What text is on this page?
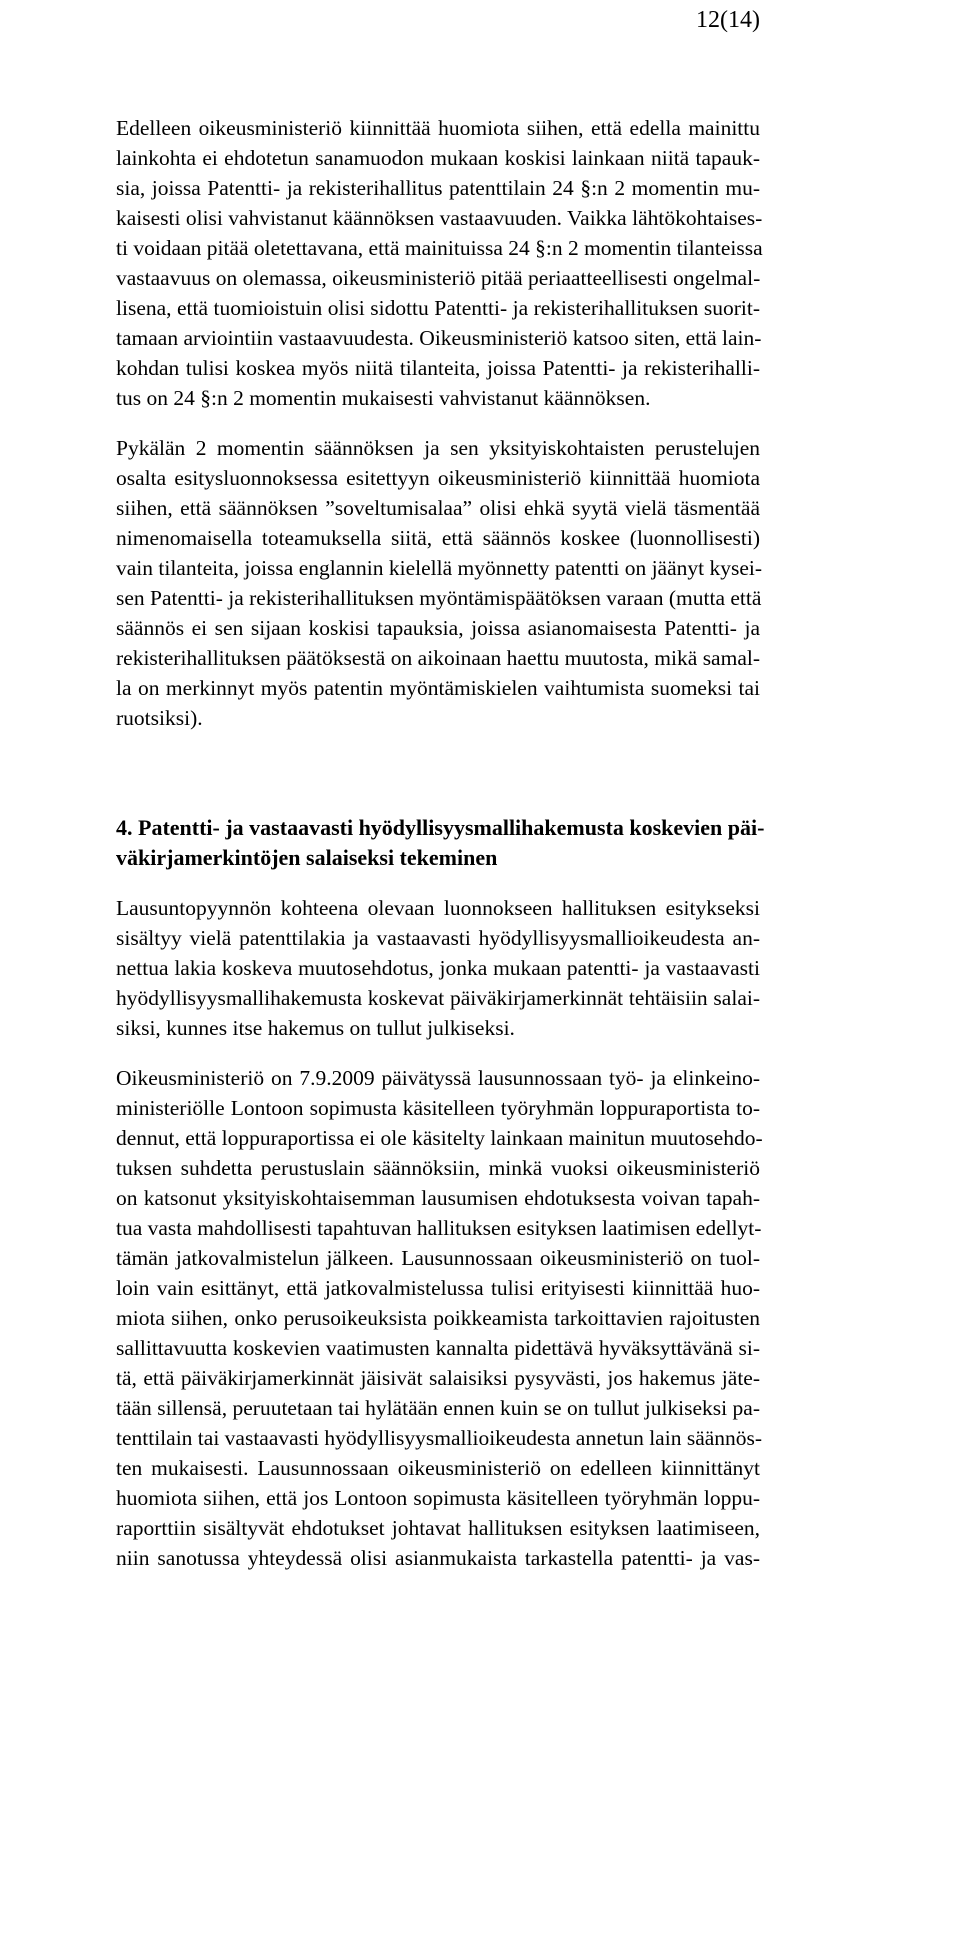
12(14)
Edelleen oikeusministeriö kiinnittää huomiota siihen, että edella mainittu
lainkohta ei ehdotetun sanamuodon mukaan koskisi lainkaan niitä tapauk-
sia, joissa Patentti- ja rekisterihallitus patenttilain 24 §:n 2 momentin mu-
kaisesti olisi vahvistanut käännöksen vastaavuuden. Vaikka lähtökohtaises-
ti voidaan pitää oletettavana, että mainituissa 24 §:n 2 momentin tilanteissa
vastaavuus on olemassa, oikeusministeriö pitää periaatteellisesti ongelmal-
lisena, että tuomioistuin olisi sidottu Patentti- ja rekisterihallituksen suorit-
tamaan arviointiin vastaavuudesta. Oikeusministeriö katsoo siten, että lain-
kohdan tulisi koskea myös niitä tilanteita, joissa Patentti- ja rekisterihalli-
tus on 24 §:n 2 momentin mukaisesti vahvistanut käännöksen.
Pykälän 2 momentin säännöksen ja sen yksityiskohtaisten perustelujen
osalta esitysluonnoksessa esitettyyn oikeusministeriö kiinnittää huomiota
siihen, että säännöksen ”soveltumisalaa” olisi ehkä syytä vielä täsmentää
nimenomaisella toteamuksella siitä, että säännös koskee (luonnollisesti)
vain tilanteita, joissa englannin kielellä myönnetty patentti on jäänyt kysei-
sen Patentti- ja rekisterihallituksen myöntämispäätöksen varaan (mutta että
säännös ei sen sijaan koskisi tapauksia, joissa asianomaisesta Patentti- ja
rekisterihallituksen päätöksestä on aikoinaan haettu muutosta, mikä samal-
la on merkinnyt myös patentin myöntämiskielen vaihtumista suomeksi tai
ruotsiksi).
4. Patentti- ja vastaavasti hyödyllisyysmallihakemusta koskevien päi-
väkirjamerkintöjen salaiseksi tekeminen
Lausuntopyynnön kohteena olevaan luonnokseen hallituksen esitykseksi
sisältyy vielä patenttilakia ja vastaavasti hyödyllisyysmallioikeudesta an-
nettua lakia koskeva muutosehdotus, jonka mukaan patentti- ja vastaavasti
hyödyllisyysmallihakemusta koskevat päiväkirjamerkinnät tehtäisiin salai-
siksi, kunnes itse hakemus on tullut julkiseksi.
Oikeusministeriö on 7.9.2009 päivätyssä lausunnossaan työ- ja elinkeino-
ministeriölle Lontoon sopimusta käsitelleen työryhmän loppuraportista to-
dennut, että loppuraportissa ei ole käsitelty lainkaan mainitun muutosehdo-
tuksen suhdetta perustuslain säännöksiin, minkä vuoksi oikeusministeriö
on katsonut yksityiskohtaisemman lausumisen ehdotuksesta voivan tapah-
tua vasta mahdollisesti tapahtuvan hallituksen esityksen laatimisen edellyt-
tämän jatkovalmistelun jälkeen. Lausunnossaan oikeusministeriö on tuol-
loin vain esittänyt, että jatkovalmistelussa tulisi erityisesti kiinnittää huo-
miota siihen, onko perusoikeuksista poikkeamista tarkoittavien rajoitusten
sallittavuutta koskevien vaatimusten kannalta pidettävä hyväksyttävänä si-
tä, että päiväkirjamerkinnät jäisivät salaisiksi pysyvästi, jos hakemus jäte-
tään sillensä, peruutetaan tai hylätään ennen kuin se on tullut julkiseksi pa-
tenttilain tai vastaavasti hyödyllisyysmallioikeudesta annetun lain säännös-
ten mukaisesti. Lausunnossaan oikeusministeriö on edelleen kiinnittänyt
huomiota siihen, että jos Lontoon sopimusta käsitelleen työryhmän loppu-
raporttiin sisältyvät ehdotukset johtavat hallituksen esityksen laatimiseen,
niin sanotussa yhteydessä olisi asianmukaista tarkastella patentti- ja vas-
